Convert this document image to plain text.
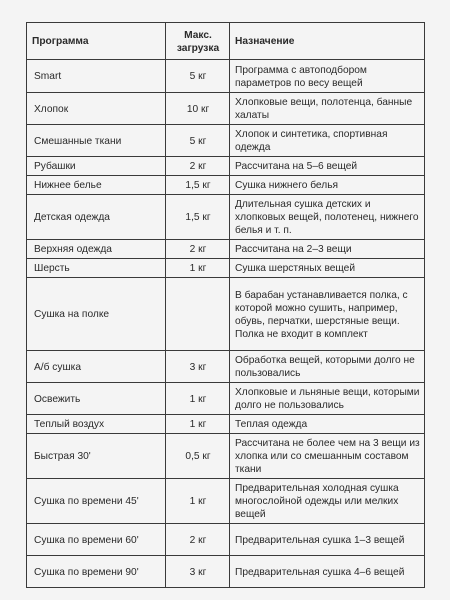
Программа	Макс. загрузка	Назначение
Smart	5 кг	Программа с автоподбором параметров по весу вещей
Хлопок	10 кг	Хлопковые вещи, полотенца, банные халаты
Смешанные ткани	5 кг	Хлопок и синтетика, спортивная одежда
Рубашки	2 кг	Рассчитана на 5–6 вещей
Нижнее белье	1,5 кг	Сушка нижнего белья
Детская одежда	1,5 кг	Длительная сушка детских и хлопковых вещей, полотенец, нижнего белья и т. п.
Верхняя одежда	2 кг	Рассчитана на 2–3 вещи
Шерсть	1 кг	Сушка шерстяных вещей
Сушка на полке		В барабан устанавливается полка, с которой можно сушить, например, обувь, перчатки, шерстяные вещи. Полка не входит в комплект
А/б сушка	3 кг	Обработка вещей, которыми долго не пользовались
Освежить	1 кг	Хлопковые и льняные вещи, которыми долго не пользовались
Теплый воздух	1 кг	Теплая одежда
Быстрая 30'	0,5 кг	Рассчитана не более чем на 3 вещи из хлопка или со смешанным составом ткани
Сушка по времени 45'	1 кг	Предварительная холодная сушка многослойной одежды или мелких вещей
Сушка по времени 60'	2 кг	Предварительная сушка 1–3 вещей
Сушка по времени 90'	3 кг	Предварительная сушка 4–6 вещей
